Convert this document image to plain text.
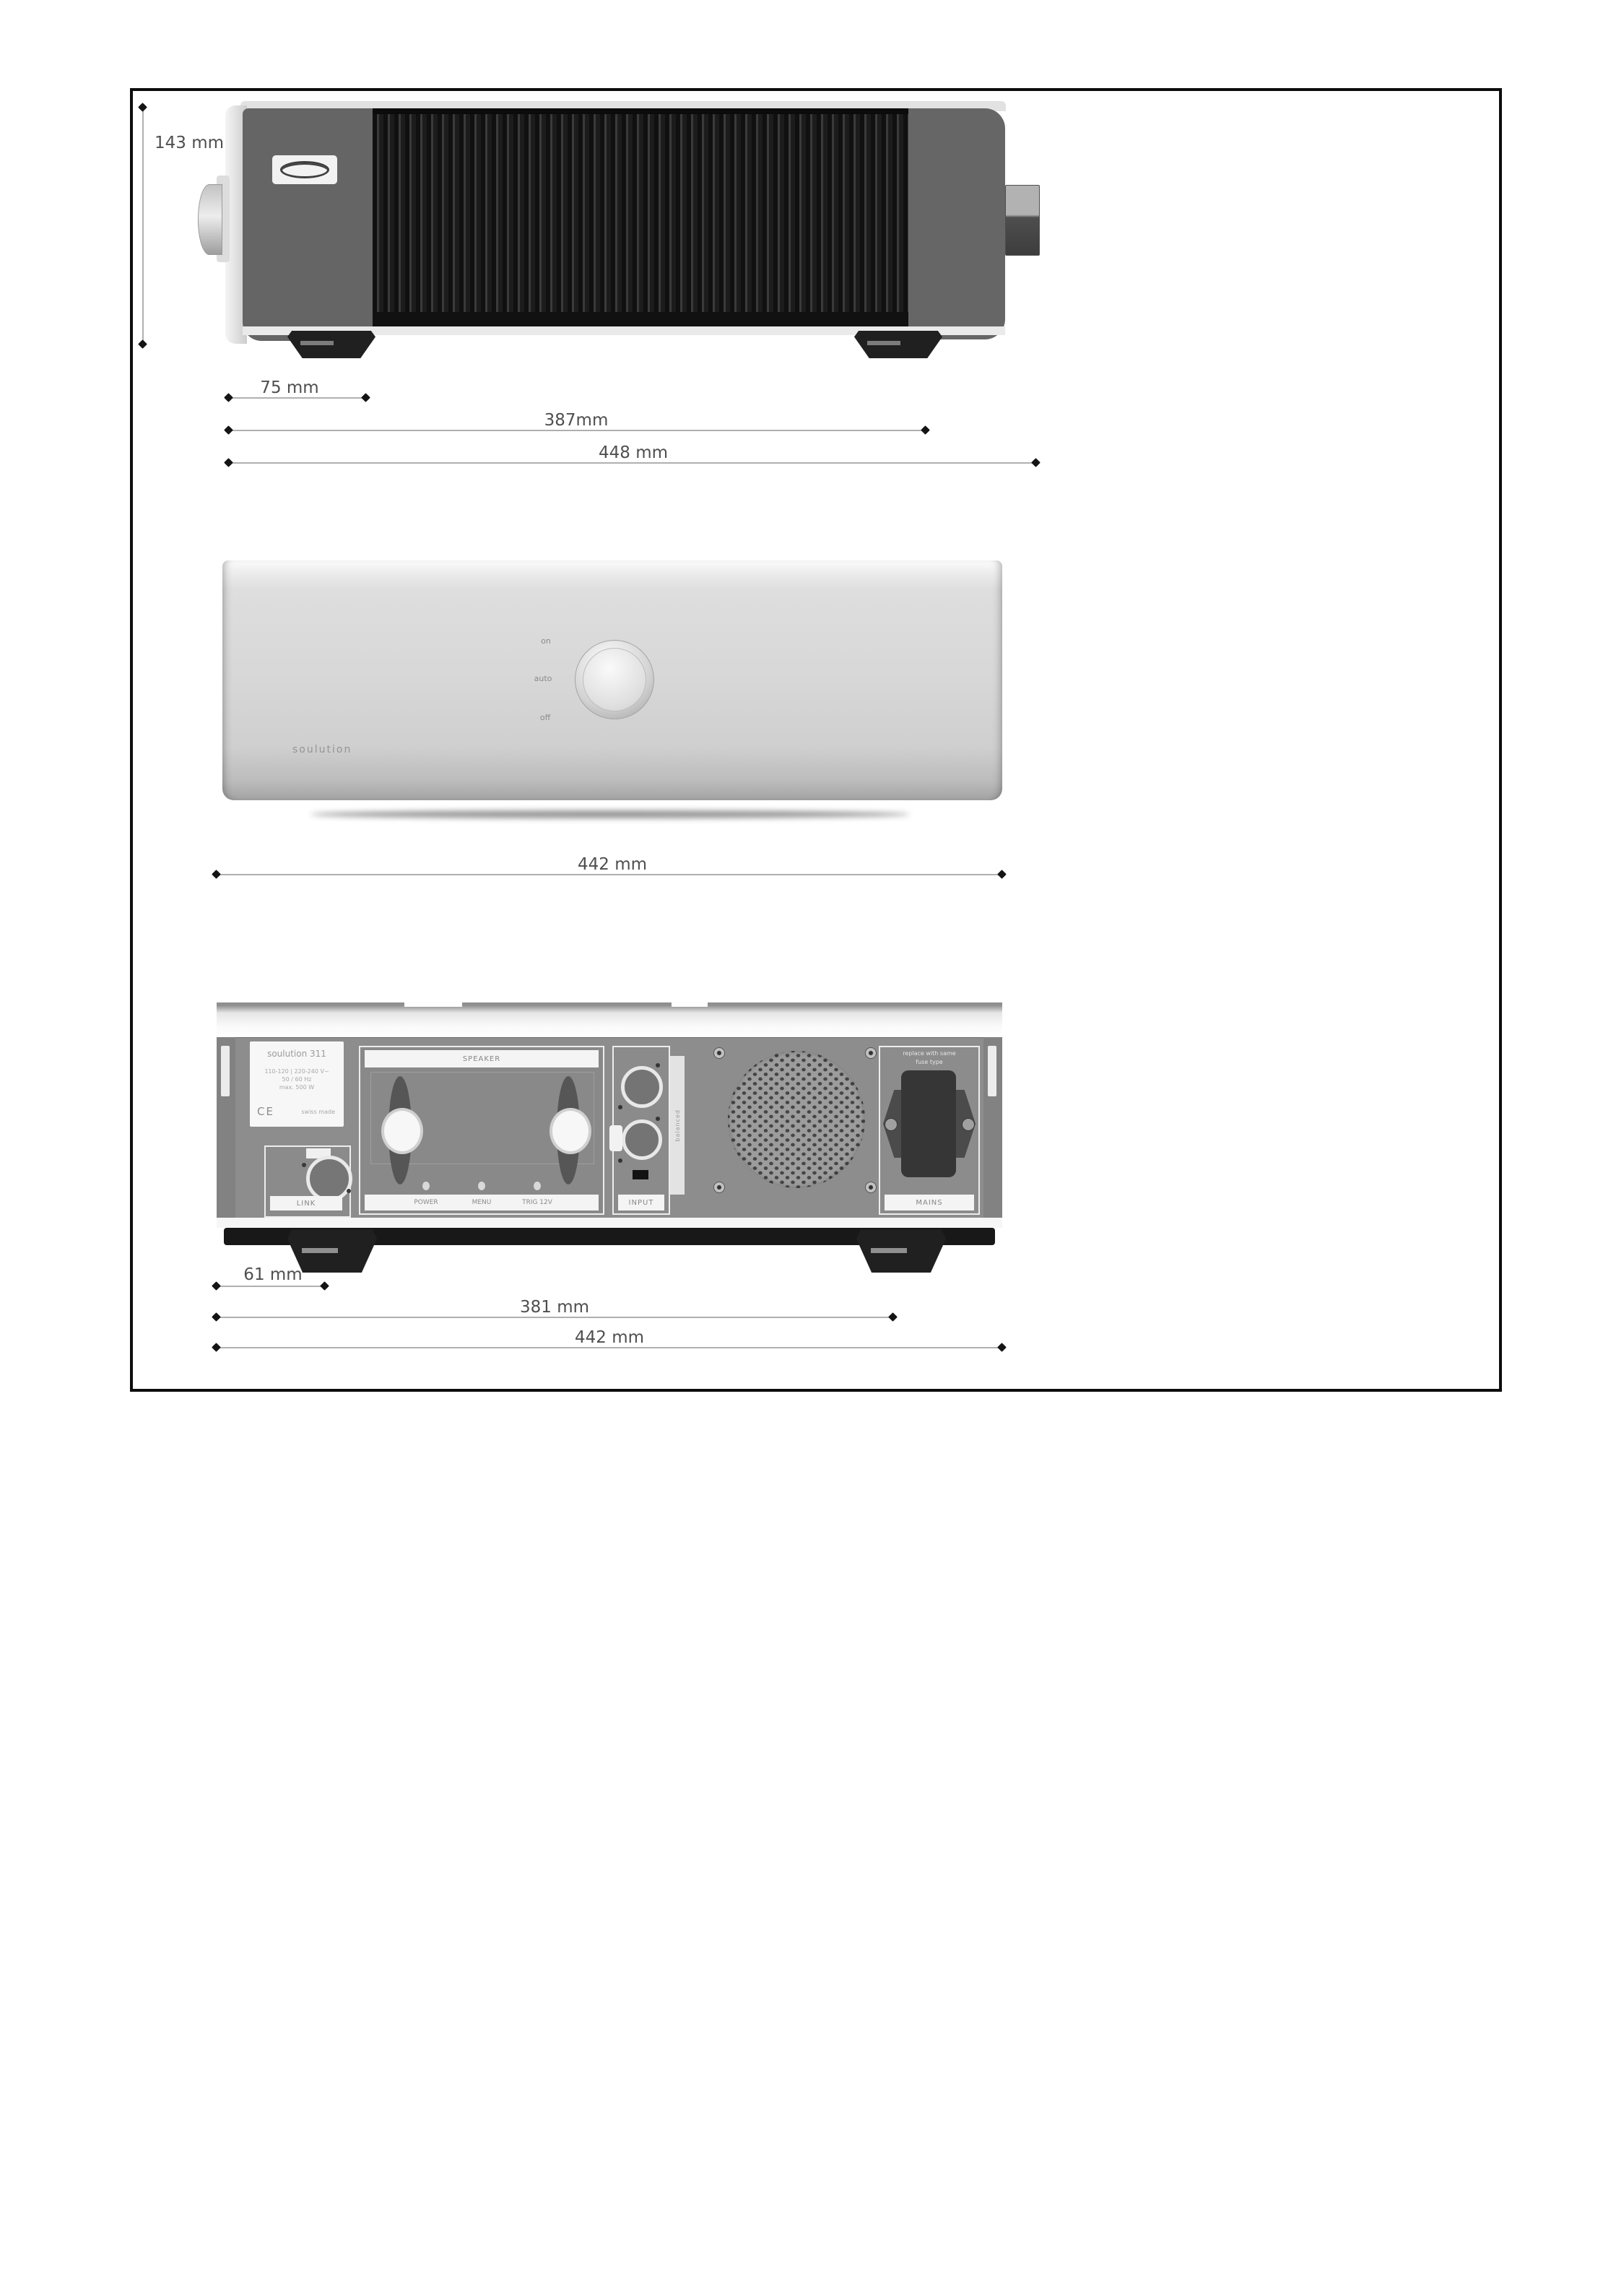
143 mm
75 mm
387mm
448 mm
on
auto
off
soulution
442 mm
soulution 311
110-120 | 220-240 V~
50 / 60 Hz
max. 500 W
CE	swiss made
LINK
SPEAKER
POWER	MENU	TRIG 12V	INPUT
balanced
replace with same
fuse type
MAINS
61 mm
381 mm
442 mm
